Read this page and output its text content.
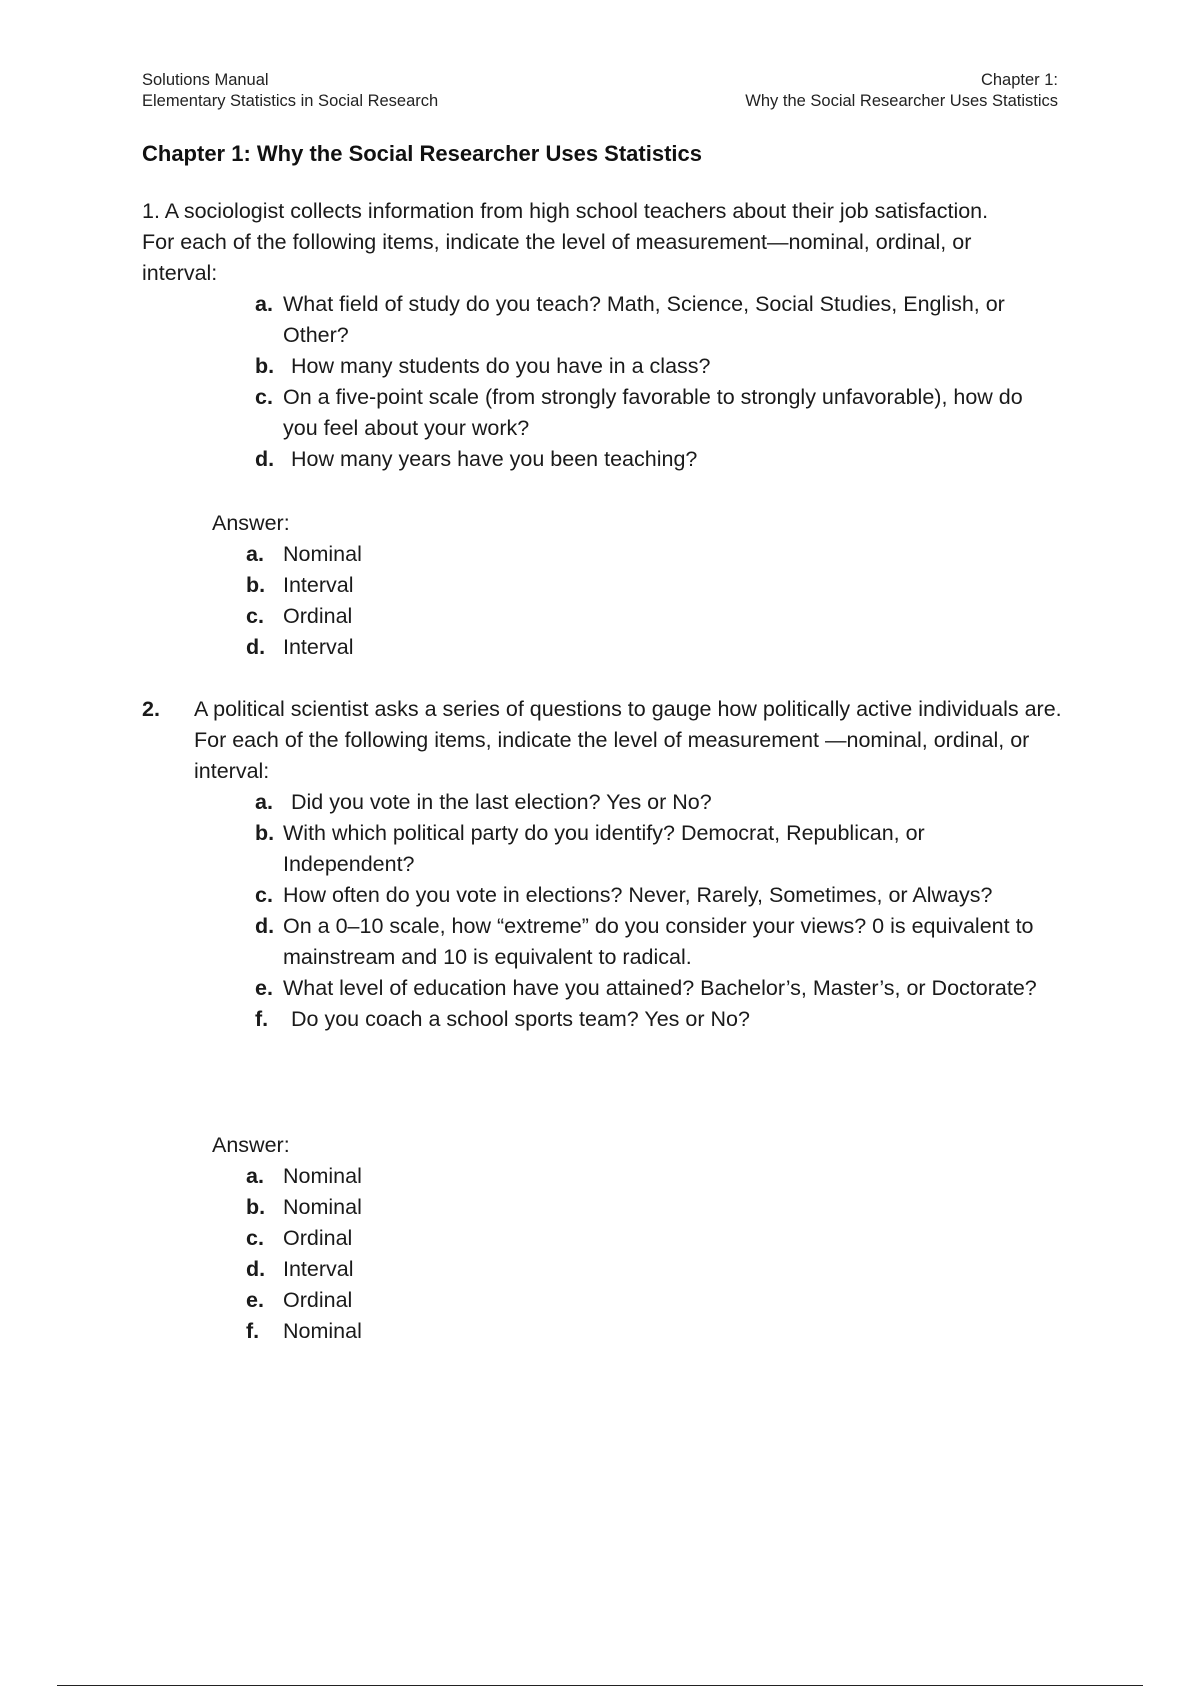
Solutions Manual
Elementary Statistics in Social Research
Chapter 1:
Why the Social Researcher Uses Statistics
Chapter 1: Why the Social Researcher Uses Statistics

1. A sociologist collects information from high school teachers about their job satisfaction. For each of the following items, indicate the level of measurement—nominal, ordinal, or interval:

a. What field of study do you teach? Math, Science, Social Studies, English, or Other?
b. How many students do you have in a class?
c. On a five-point scale (from strongly favorable to strongly unfavorable), how do you feel about your work?
d. How many years have you been teaching?
Answer:
a. Nominal
b. Interval
c. Ordinal
d. Interval
2. A political scientist asks a series of questions to gauge how politically active individuals are. For each of the following items, indicate the level of measurement —nominal, ordinal, or interval:

a. Did you vote in the last election? Yes or No?
b. With which political party do you identify? Democrat, Republican, or Independent?
c. How often do you vote in elections? Never, Rarely, Sometimes, or Always?
d. On a 0–10 scale, how “extreme” do you consider your views? 0 is equivalent to mainstream and 10 is equivalent to radical.
e. What level of education have you attained? Bachelor’s, Master’s, or Doctorate?
f.	Do you coach a school sports team? Yes or No?
Answer:
a. Nominal
b. Nominal
c. Ordinal
d. Interval
e. Ordinal
f. Nominal
